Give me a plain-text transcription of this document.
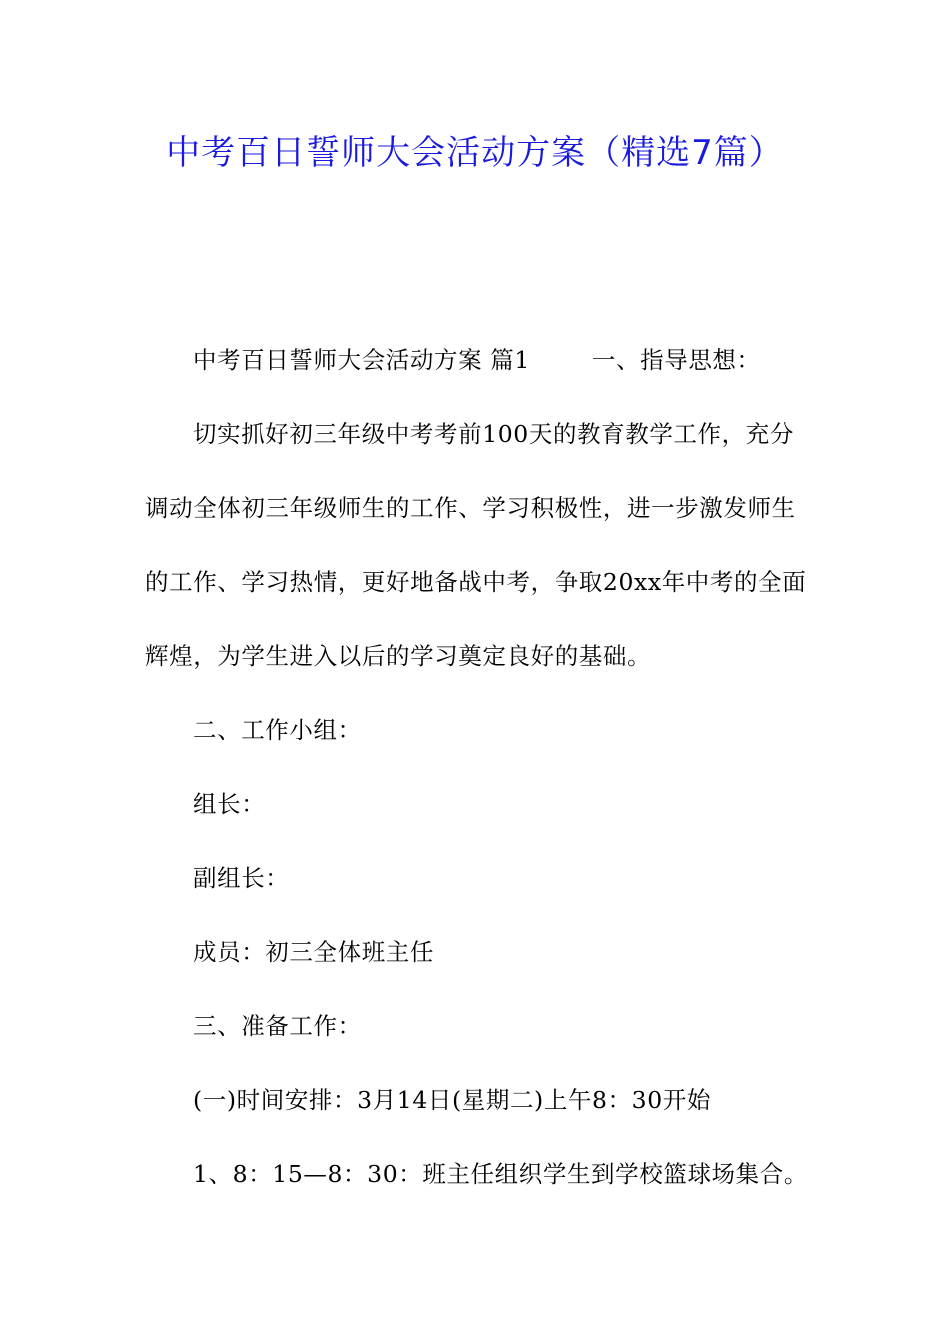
中考百日誓师大会活动方案（精选7篇）
中考百日誓师大会活动方案 篇1	一、指导思想：
切实抓好初三年级中考考前100天的教育教学工作，充分
调动全体初三年级师生的工作、学习积极性，进一步激发师生
的工作、学习热情，更好地备战中考，争取20xx年中考的全面
辉煌，为学生进入以后的学习奠定良好的基础。
二、工作小组：
组长：
副组长：
成员：初三全体班主任
三、准备工作：
(一)时间安排：3月14日(星期二)上午8：30开始
1、8：15—8：30：班主任组织学生到学校篮球场集合。
